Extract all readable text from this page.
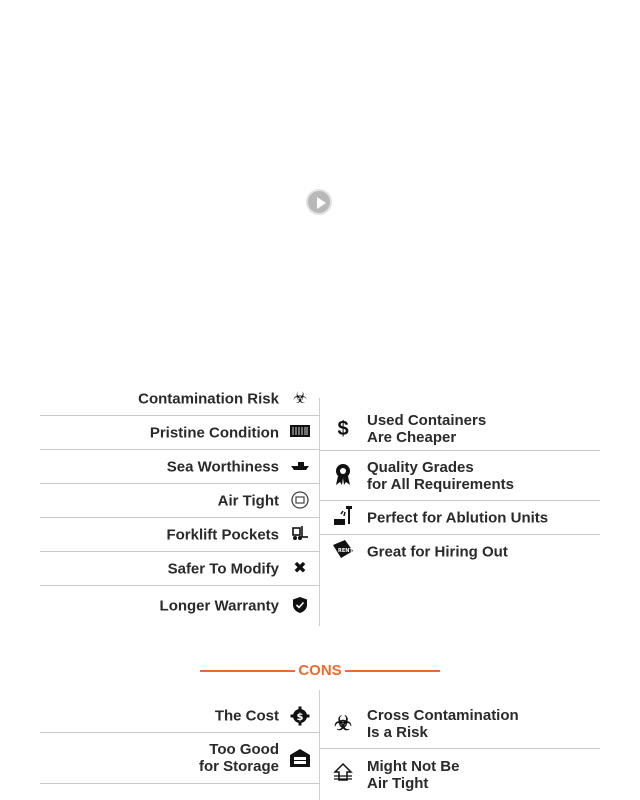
Contamination Risk ☣
Pristine Condition
Sea Worthiness
Air Tight
Forklift Pockets
Safer To Modify ✖
Longer Warranty
$	Used Containers
Are Cheaper
Quality Grades
for All Requirements
Perfect for Ablution Units
RENT Great for Hiring Out
CONS
The Cost $
Too Good
for Storage
☣ Cross Contamination
Is a Risk
Might Not Be
Air Tight
